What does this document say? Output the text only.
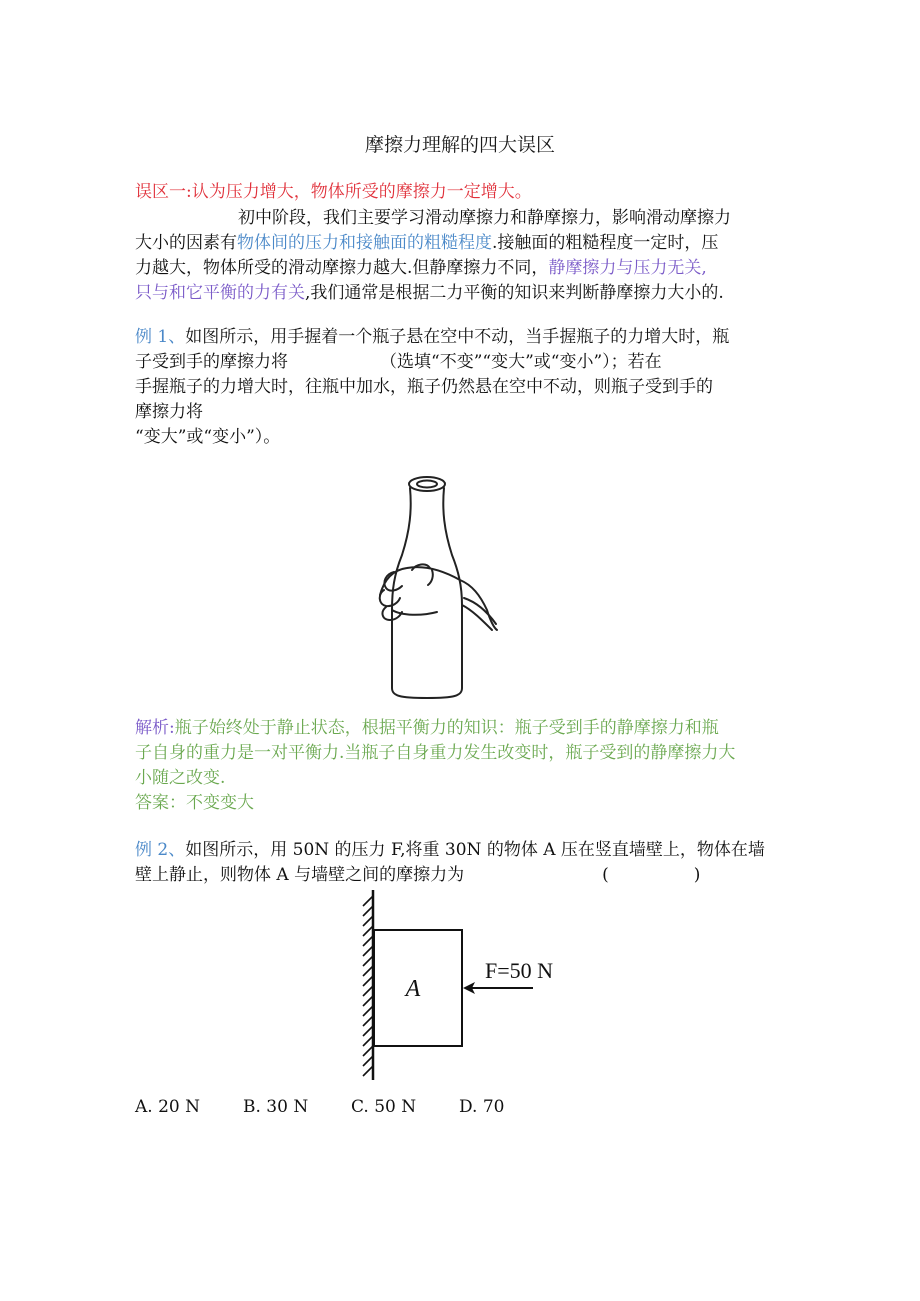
摩擦力理解的四大误区
误区一:认为压力增大，物体所受的摩擦力一定增大。
初中阶段，我们主要学习滑动摩擦力和静摩擦力，影响滑动摩擦力
大小的因素有物体间的压力和接触面的粗糙程度.接触面的粗糙程度一定时，压
力越大，物体所受的滑动摩擦力越大.但静摩擦力不同，静摩擦力与压力无关,
只与和它平衡的力有关,我们通常是根据二力平衡的知识来判断静摩擦力大小的.
例 1、如图所示，用手握着一个瓶子悬在空中不动，当手握瓶子的力增大时，瓶
子受到手的摩擦力将	（选填“不变”“变大”或“变小”）；若在
手握瓶子的力增大时，往瓶中加水，瓶子仍然悬在空中不动，则瓶子受到手的
摩擦力将
“变大”或“变小”）。
解析:瓶子始终处于静止状态，根据平衡力的知识：瓶子受到手的静摩擦力和瓶
子自身的重力是一对平衡力.当瓶子自身重力发生改变时，瓶子受到的静摩擦力大
小随之改变.
答案：不变变大
例 2、如图所示，用 50N 的压力 F,将重 30N 的物体 A 压在竖直墙壁上，物体在墙
壁上静止，则物体 A 与墙壁之间的摩擦力为	(　　　　　)
A
F=50 N
A. 20 N	B. 30 N	C. 50 N	D. 70
